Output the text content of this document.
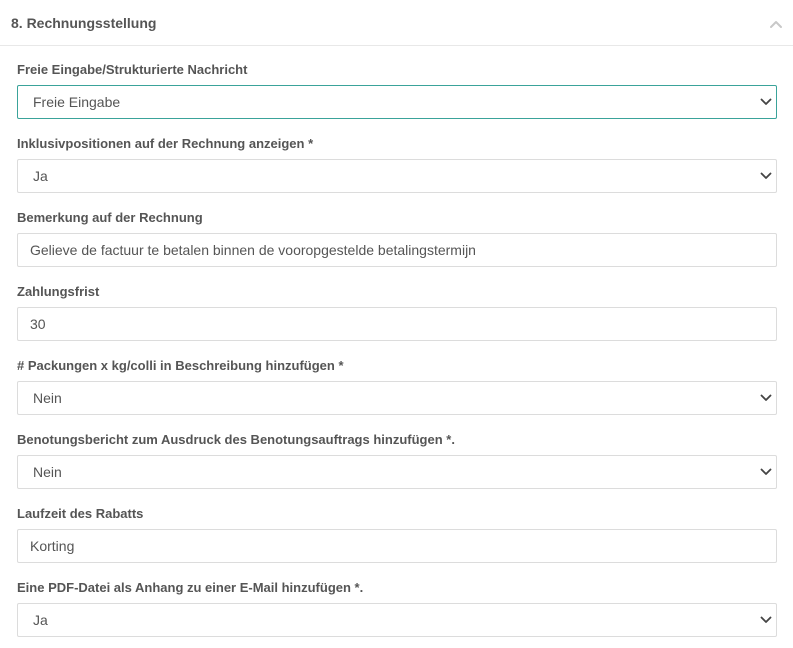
8. Rechnungsstellung
Freie Eingabe/Strukturierte Nachricht
Freie Eingabe
Inklusivpositionen auf der Rechnung anzeigen *
Ja
Bemerkung auf der Rechnung
Gelieve de factuur te betalen binnen de vooropgestelde betalingstermijn
Zahlungsfrist
30
# Packungen x kg/colli in Beschreibung hinzufügen *
Nein
Benotungsbericht zum Ausdruck des Benotungsauftrags hinzufügen *.
Nein
Laufzeit des Rabatts
Korting
Eine PDF-Datei als Anhang zu einer E-Mail hinzufügen *.
Ja
